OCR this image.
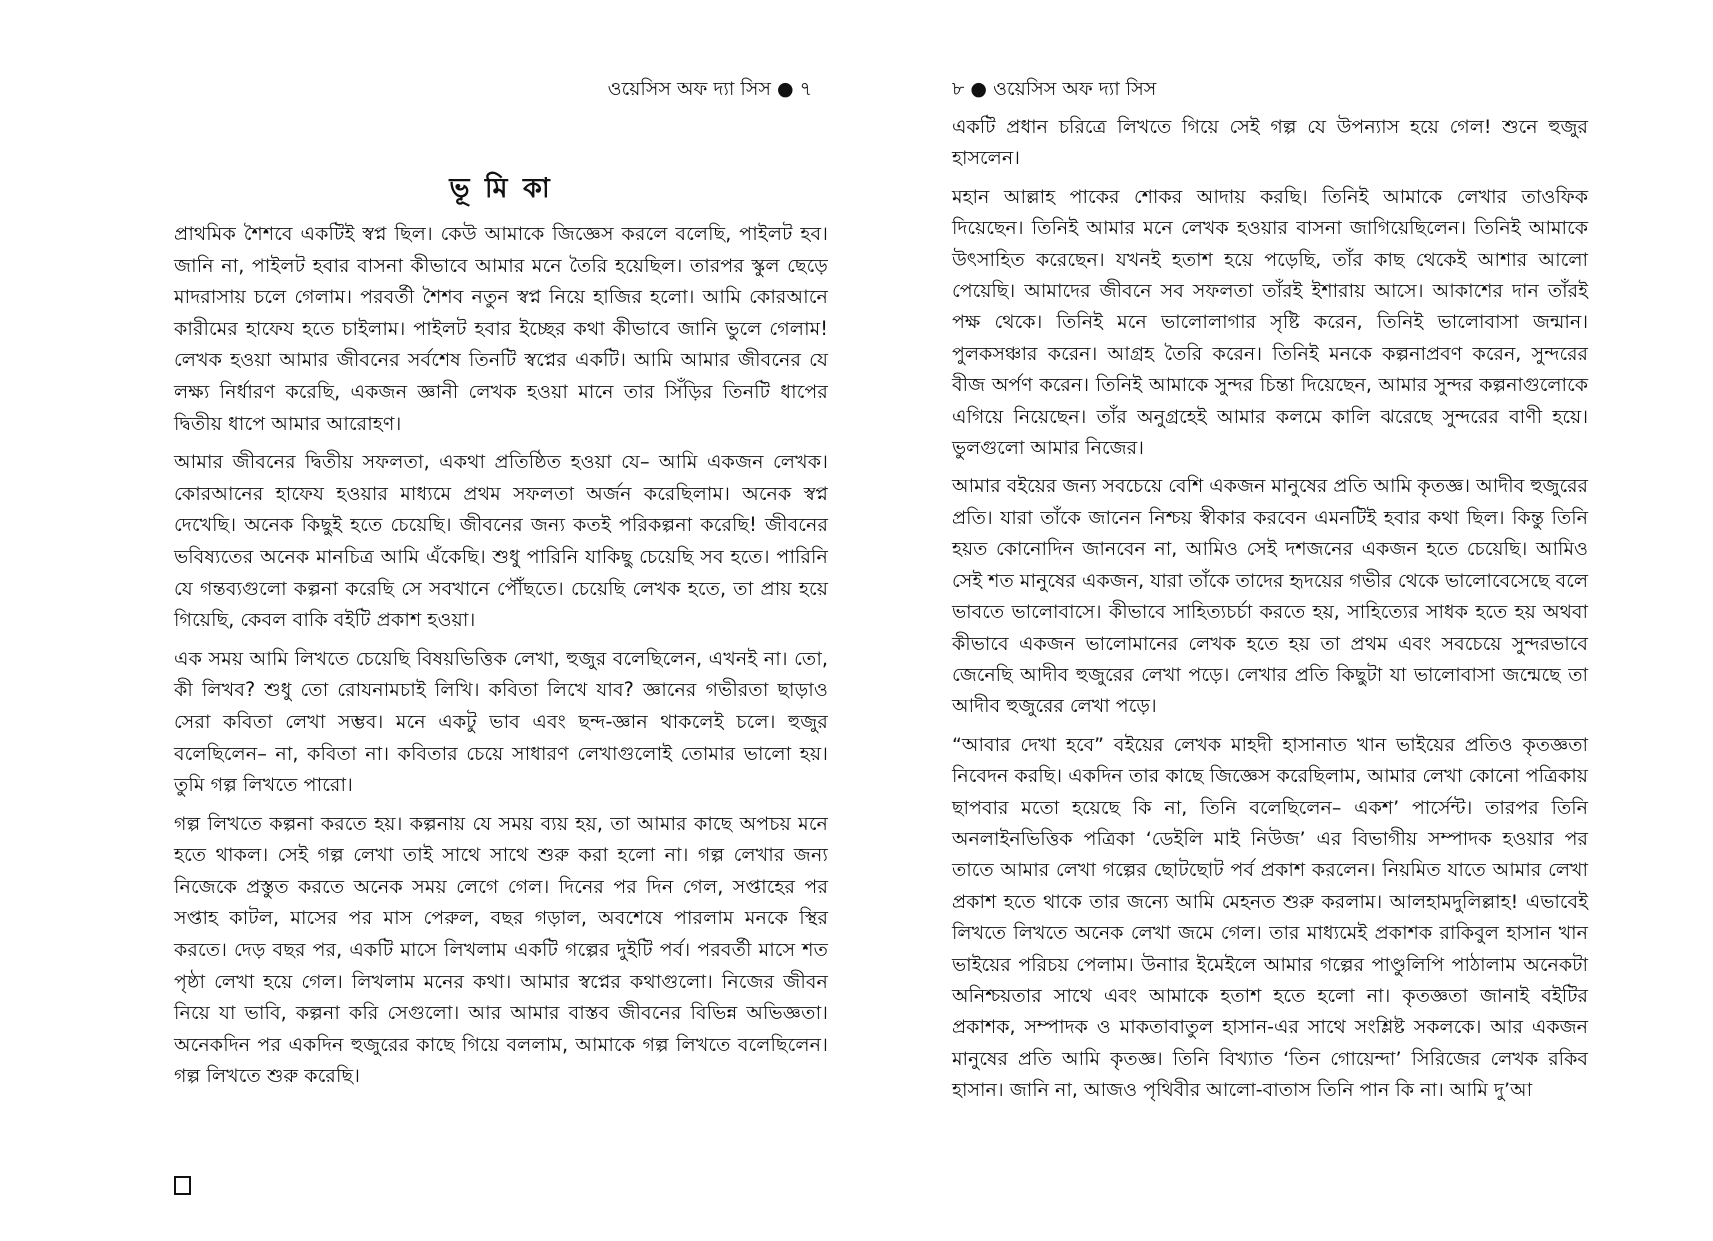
ওয়েসিস অফ দ্যা সিস ● ৭
ভূ মি কা

প্রাথমিক শৈশবে একটিই স্বপ্ন ছিল। কেউ আমাকে জিজ্ঞেস করলে বলেছি, পাইলট হব। জানি না, পাইলট হবার বাসনা কীভাবে আমার মনে তৈরি হয়েছিল। তারপর স্কুল ছেড়ে মাদরাসায় চলে গেলাম। পরবর্তী শৈশব নতুন স্বপ্ন নিয়ে হাজির হলো। আমি কোরআনে কারীমের হাফেয হতে চাইলাম। পাইলট হবার ইচ্ছের কথা কীভাবে জানি ভুলে গেলাম! লেখক হওয়া আমার জীবনের সর্বশেষ তিনটি স্বপ্নের একটি। আমি আমার জীবনের যে লক্ষ্য নির্ধারণ করেছি, একজন জ্ঞানী লেখক হওয়া মানে তার সিঁড়ির তিনটি ধাপের দ্বিতীয় ধাপে আমার আরোহণ।

আমার জীবনের দ্বিতীয় সফলতা, একথা প্রতিষ্ঠিত হওয়া যে– আমি একজন লেখক। কোরআনের হাফেয হওয়ার মাধ্যমে প্রথম সফলতা অর্জন করেছিলাম। অনেক স্বপ্ন দেখেছি। অনেক কিছুই হতে চেয়েছি। জীবনের জন্য কতই পরিকল্পনা করেছি! জীবনের ভবিষ্যতের অনেক মানচিত্র আমি এঁকেছি। শুধু পারিনি যাকিছু চেয়েছি সব হতে। পারিনি যে গন্তব্যগুলো কল্পনা করেছি সে সবখানে পৌঁছতে। চেয়েছি লেখক হতে, তা প্রায় হয়ে গিয়েছি, কেবল বাকি বইটি প্রকাশ হওয়া।

এক সময় আমি লিখতে চেয়েছি বিষয়ভিত্তিক লেখা, হুজুর বলেছিলেন, এখনই না। তো, কী লিখব? শুধু তো রোযনামচাই লিখি। কবিতা লিখে যাব? জ্ঞানের গভীরতা ছাড়াও সেরা কবিতা লেখা সম্ভব। মনে একটু ভাব এবং ছন্দ-জ্ঞান থাকলেই চলে। হুজুর বলেছিলেন– না, কবিতা না। কবিতার চেয়ে সাধারণ লেখাগুলোই তোমার ভালো হয়। তুমি গল্প লিখতে পারো।

গল্প লিখতে কল্পনা করতে হয়। কল্পনায় যে সময় ব্যয় হয়, তা আমার কাছে অপচয় মনে হতে থাকল। সেই গল্প লেখা তাই সাথে সাথে শুরু করা হলো না। গল্প লেখার জন্য নিজেকে প্রস্তুত করতে অনেক সময় লেগে গেল। দিনের পর দিন গেল, সপ্তাহের পর সপ্তাহ কাটল, মাসের পর মাস পেরুল, বছর গড়াল, অবশেষে পারলাম মনকে স্থির করতে। দেড় বছর পর, একটি মাসে লিখলাম একটি গল্পের দুইটি পর্ব। পরবর্তী মাসে শত পৃষ্ঠা লেখা হয়ে গেল। লিখলাম মনের কথা। আমার স্বপ্নের কথাগুলো। নিজের জীবন নিয়ে যা ভাবি, কল্পনা করি সেগুলো। আর আমার বাস্তব জীবনের বিভিন্ন অভিজ্ঞতা। অনেকদিন পর একদিন হুজুরের কাছে গিয়ে বললাম, আমাকে গল্প লিখতে বলেছিলেন। গল্প লিখতে শুরু করেছি।

৮ ● ওয়েসিস অফ দ্যা সিস

একটি প্রধান চরিত্রে লিখতে গিয়ে সেই গল্প যে উপন্যাস হয়ে গেল! শুনে হুজুর হাসলেন।

মহান আল্লাহ পাকের শোকর আদায় করছি। তিনিই আমাকে লেখার তাওফিক দিয়েছেন। তিনিই আমার মনে লেখক হওয়ার বাসনা জাগিয়েছিলেন। তিনিই আমাকে উৎসাহিত করেছেন। যখনই হতাশ হয়ে পড়েছি, তাঁর কাছ থেকেই আশার আলো পেয়েছি। আমাদের জীবনে সব সফলতা তাঁরই ইশারায় আসে। আকাশের দান তাঁরই পক্ষ থেকে। তিনিই মনে ভালোলাগার সৃষ্টি করেন, তিনিই ভালোবাসা জন্মান। পুলকসঞ্চার করেন। আগ্রহ তৈরি করেন। তিনিই মনকে কল্পনাপ্রবণ করেন, সুন্দরের বীজ অর্পণ করেন। তিনিই আমাকে সুন্দর চিন্তা দিয়েছেন, আমার সুন্দর কল্পনাগুলোকে এগিয়ে নিয়েছেন। তাঁর অনুগ্রহেই আমার কলমে কালি ঝরেছে সুন্দরের বাণী হয়ে। ভুলগুলো আমার নিজের।

আমার বইয়ের জন্য সবচেয়ে বেশি একজন মানুষের প্রতি আমি কৃতজ্ঞ। আদীব হুজুরের প্রতি। যারা তাঁকে জানেন নিশ্চয় স্বীকার করবেন এমনটিই হবার কথা ছিল। কিন্তু তিনি হয়ত কোনোদিন জানবেন না, আমিও সেই দশজনের একজন হতে চেয়েছি। আমিও সেই শত মানুষের একজন, যারা তাঁকে তাদের হৃদয়ের গভীর থেকে ভালোবেসেছে বলে ভাবতে ভালোবাসে। কীভাবে সাহিত্যচর্চা করতে হয়, সাহিত্যের সাধক হতে হয় অথবা কীভাবে একজন ভালোমানের লেখক হতে হয় তা প্রথম এবং সবচেয়ে সুন্দরভাবে জেনেছি আদীব হুজুরের লেখা পড়ে। লেখার প্রতি কিছুটা যা ভালোবাসা জন্মেছে তা আদীব হুজুরের লেখা পড়ে।

“আবার দেখা হবে” বইয়ের লেখক মাহদী হাসানাত খান ভাইয়ের প্রতিও কৃতজ্ঞতা নিবেদন করছি। একদিন তার কাছে জিজ্ঞেস করেছিলাম, আমার লেখা কোনো পত্রিকায় ছাপবার মতো হয়েছে কি না, তিনি বলেছিলেন– একশ’ পার্সেন্ট। তারপর তিনি অনলাইনভিত্তিক পত্রিকা ‘ডেইলি মাই নিউজ’ এর বিভাগীয় সম্পাদক হওয়ার পর তাতে আমার লেখা গল্পের ছোটছোট পর্ব প্রকাশ করলেন। নিয়মিত যাতে আমার লেখা প্রকাশ হতে থাকে তার জন্যে আমি মেহনত শুরু করলাম। আলহামদুলিল্লাহ! এভাবেই লিখতে লিখতে অনেক লেখা জমে গেল। তার মাধ্যমেই প্রকাশক রাকিবুল হাসান খান ভাইয়ের পরিচয় পেলাম। উনাার ইমেইলে আমার গল্পের পাণ্ডুলিপি পাঠালাম অনেকটা অনিশ্চয়তার সাথে এবং আমাকে হতাশ হতে হলো না। কৃতজ্ঞতা জানাই বইটির প্রকাশক, সম্পাদক ও মাকতাবাতুল হাসান-এর সাথে সংশ্লিষ্ট সকলকে। আর একজন মানুষের প্রতি আমি কৃতজ্ঞ। তিনি বিখ্যাত ‘তিন গোয়েন্দা’ সিরিজের লেখক রকিব হাসান। জানি না, আজও পৃথিবীর আলো-বাতাস তিনি পান কি না। আমি দু’আ
